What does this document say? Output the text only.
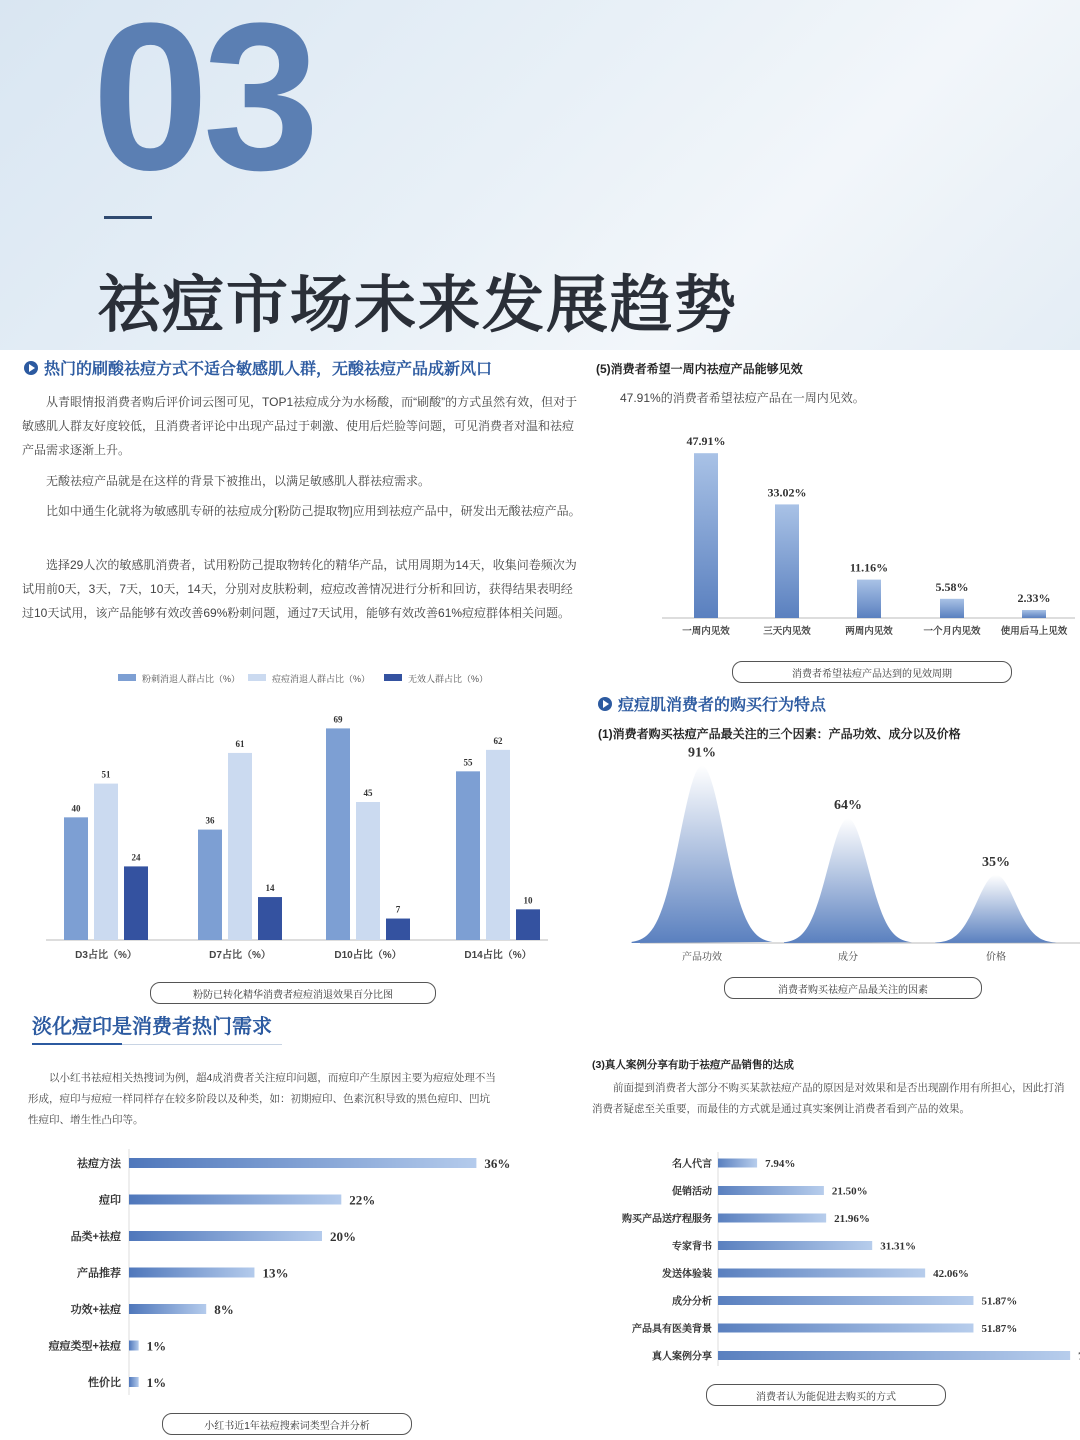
03
祛痘市场未来发展趋势
热门的刷酸祛痘方式不适合敏感肌人群，无酸祛痘产品成新风口

从青眼情报消费者购后评价词云图可见，TOP1祛痘成分为水杨酸，而“刷酸”的方式虽然有效，但对于敏感肌人群友好度较低，且消费者评论中出现产品过于刺激、使用后烂脸等问题，可见消费者对温和祛痘产品需求逐渐上升。

无酸祛痘产品就是在这样的背景下被推出，以满足敏感肌人群祛痘需求。

比如中通生化就将为敏感肌专研的祛痘成分[粉防己提取物]应用到祛痘产品中，研发出无酸祛痘产品。

选择29人次的敏感肌消费者，试用粉防己提取物转化的精华产品，试用周期为14天，收集问卷频次为试用前0天，3天，7天，10天，14天，分别对皮肤粉刺，痘痘改善情况进行分析和回访，获得结果表明经过10天试用，该产品能够有效改善69%粉刺问题，通过7天试用，能够有效改善61%痘痘群体相关问题。

粉刺消退人群占比（%）	痘痘消退人群占比（%）	无效人群占比（%）
40
51
24
D3占比（%）
36
61
14
D7占比（%）
69
45
7
D10占比（%）
55
62
10
D14占比（%）
粉防已转化精华消费者痘痘消退效果百分比图
(5)消费者希望一周内祛痘产品能够见效

47.91%的消费者希望祛痘产品在一周内见效。

47.91%
一周内见效
33.02%
三天内见效
11.16%
两周内见效
5.58%
一个月内见效
2.33%
使用后马上见效
消费者希望祛痘产品达到的见效周期
痘痘肌消费者的购买行为特点
(1)消费者购买祛痘产品最关注的三个因素：产品功效、成分以及价格
91%
产品功效
64%
成分
35%
价格
消费者购买祛痘产品最关注的因素
淡化痘印是消费者热门需求

以小红书祛痘相关热搜词为例，超4成消费者关注痘印问题，而痘印产生原因主要为痘痘处理不当形成，痘印与痘痘一样同样存在较多阶段以及种类，如：初期痘印、色素沉积导致的黑色痘印、凹坑性痘印、增生性凸印等。

祛痘方法	36%
痘印	22%
品类+祛痘	20%
产品推荐	13%
功效+祛痘	8%
痘痘类型+祛痘 1%
性价比 1%
小红书近1年祛痘搜索词类型合并分析
(3)真人案例分享有助于祛痘产品销售的达成

前面提到消费者大部分不购买某款祛痘产品的原因是对效果和是否出现副作用有所担心，因此打消消费者疑虑至关重要，而最佳的方式就是通过真实案例让消费者看到产品的效果。

名人代言	7.94%
促销活动	21.50%
购买产品送疗程服务	21.96%
专家背书	31.31%
发送体验装	42.06%
成分分析	51.87%
产品具有医美背景	51.87%
真人案例分享
消费者认为能促进去购买的方式
